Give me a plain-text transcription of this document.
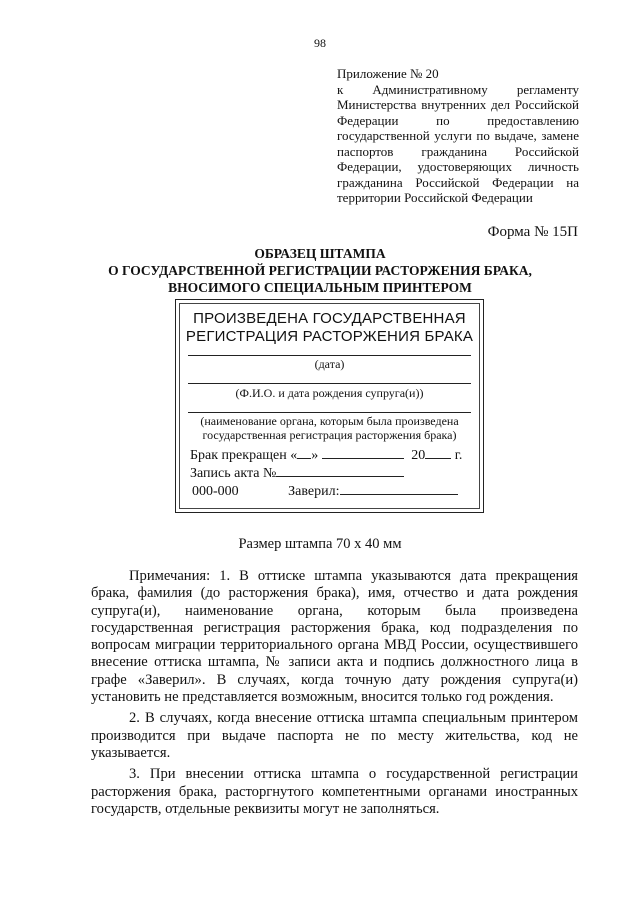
98
Приложение № 20
к Административному регламенту
Министерства внутренних дел Российской
Федерации по предоставлению
государственной услуги по выдаче, замене
паспортов гражданина Российской
Федерации, удостоверяющих личность
гражданина Российской Федерации на
территории Российской Федерации
Форма № 15П
ОБРАЗЕЦ ШТАМПА
О ГОСУДАРСТВЕННОЙ РЕГИСТРАЦИИ РАСТОРЖЕНИЯ БРАКА,
ВНОСИМОГО СПЕЦИАЛЬНЫМ ПРИНТЕРОМ
ПРОИЗВЕДЕНА ГОСУДАРСТВЕННАЯ
РЕГИСТРАЦИЯ РАСТОРЖЕНИЯ БРАКА
(дата)
(Ф.И.О. и дата рождения супруга(и))
(наименование органа, которым была произведена
государственная регистрация расторжения брака)
Брак прекращен « »	20 г.
Запись акта №
000-000	Заверил:
Размер штампа 70 х 40 мм

Примечания: 1. В оттиске штампа указываются дата прекращения брака, фамилия (до расторжения брака), имя, отчество и дата рождения супруга(и), наименование органа, которым была произведена государственная регистрация расторжения брака, код подразделения по вопросам миграции территориального органа МВД России, осуществившего внесение оттиска штампа, № записи акта и подпись должностного лица в графе «Заверил». В случаях, когда точную дату рождения супруга(и) установить не представляется возможным, вносится только год рождения.

2. В случаях, когда внесение оттиска штампа специальным принтером производится при выдаче паспорта не по месту жительства, код не указывается.

3. При внесении оттиска штампа о государственной регистрации расторжения брака, расторгнутого компетентными органами иностранных государств, отдельные реквизиты могут не заполняться.
